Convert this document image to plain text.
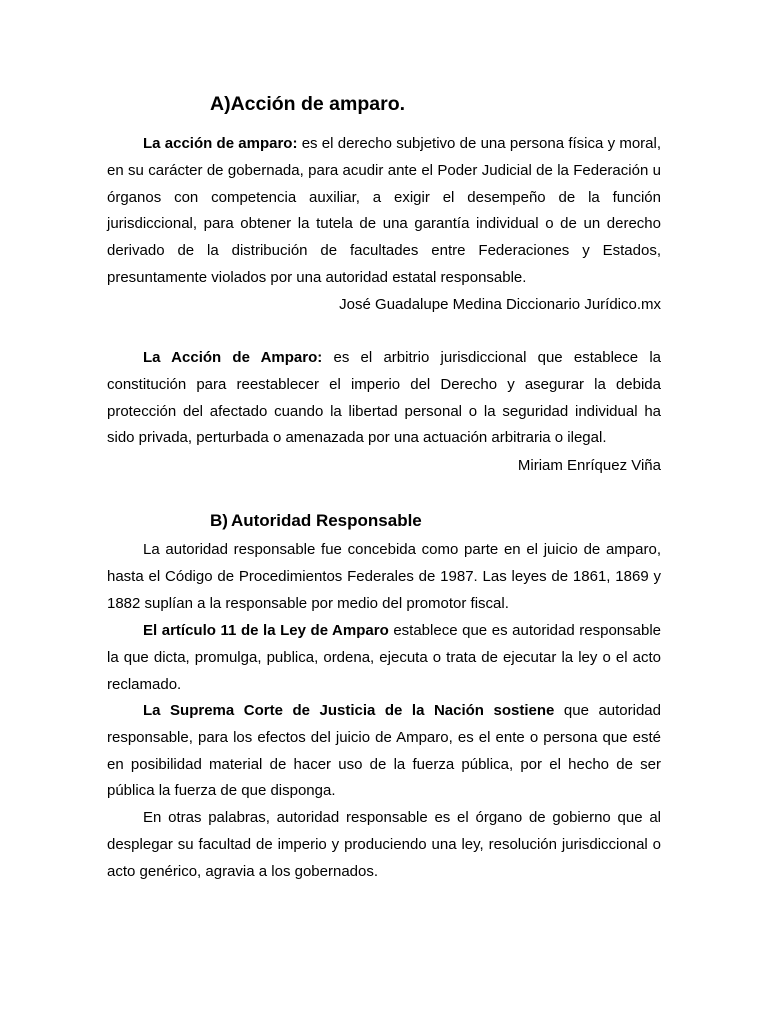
A)Acción de amparo.

La acción de amparo: es el derecho subjetivo de una persona física y moral, en su carácter de gobernada, para acudir ante el Poder Judicial de la Federación u órganos con competencia auxiliar, a exigir el desempeño de la función jurisdiccional, para obtener la tutela de una garantía individual o de un derecho derivado de la distribución de facultades entre Federaciones y Estados, presuntamente violados por una autoridad estatal responsable.

José Guadalupe Medina Diccionario Jurídico.mx

La Acción de Amparo: es el arbitrio jurisdiccional que establece la constitución para reestablecer el imperio del Derecho y asegurar la debida protección del afectado cuando la libertad personal o la seguridad individual ha sido privada, perturbada o amenazada por una actuación arbitraria o ilegal.

Miriam Enríquez Viña

B) Autoridad Responsable

La autoridad responsable fue concebida como parte en el juicio de amparo, hasta el Código de Procedimientos Federales de 1987. Las leyes de 1861, 1869 y 1882 suplían a la responsable por medio del promotor fiscal.

El artículo 11 de la Ley de Amparo establece que es autoridad responsable la que dicta, promulga, publica, ordena, ejecuta o trata de ejecutar la ley o el acto reclamado.

La Suprema Corte de Justicia de la Nación sostiene que autoridad responsable, para los efectos del juicio de Amparo, es el ente o persona que esté en posibilidad material de hacer uso de la fuerza pública, por el hecho de ser pública la fuerza de que disponga.

En otras palabras, autoridad responsable es el órgano de gobierno que al desplegar su facultad de imperio y produciendo una ley, resolución jurisdiccional o acto genérico, agravia a los gobernados.
